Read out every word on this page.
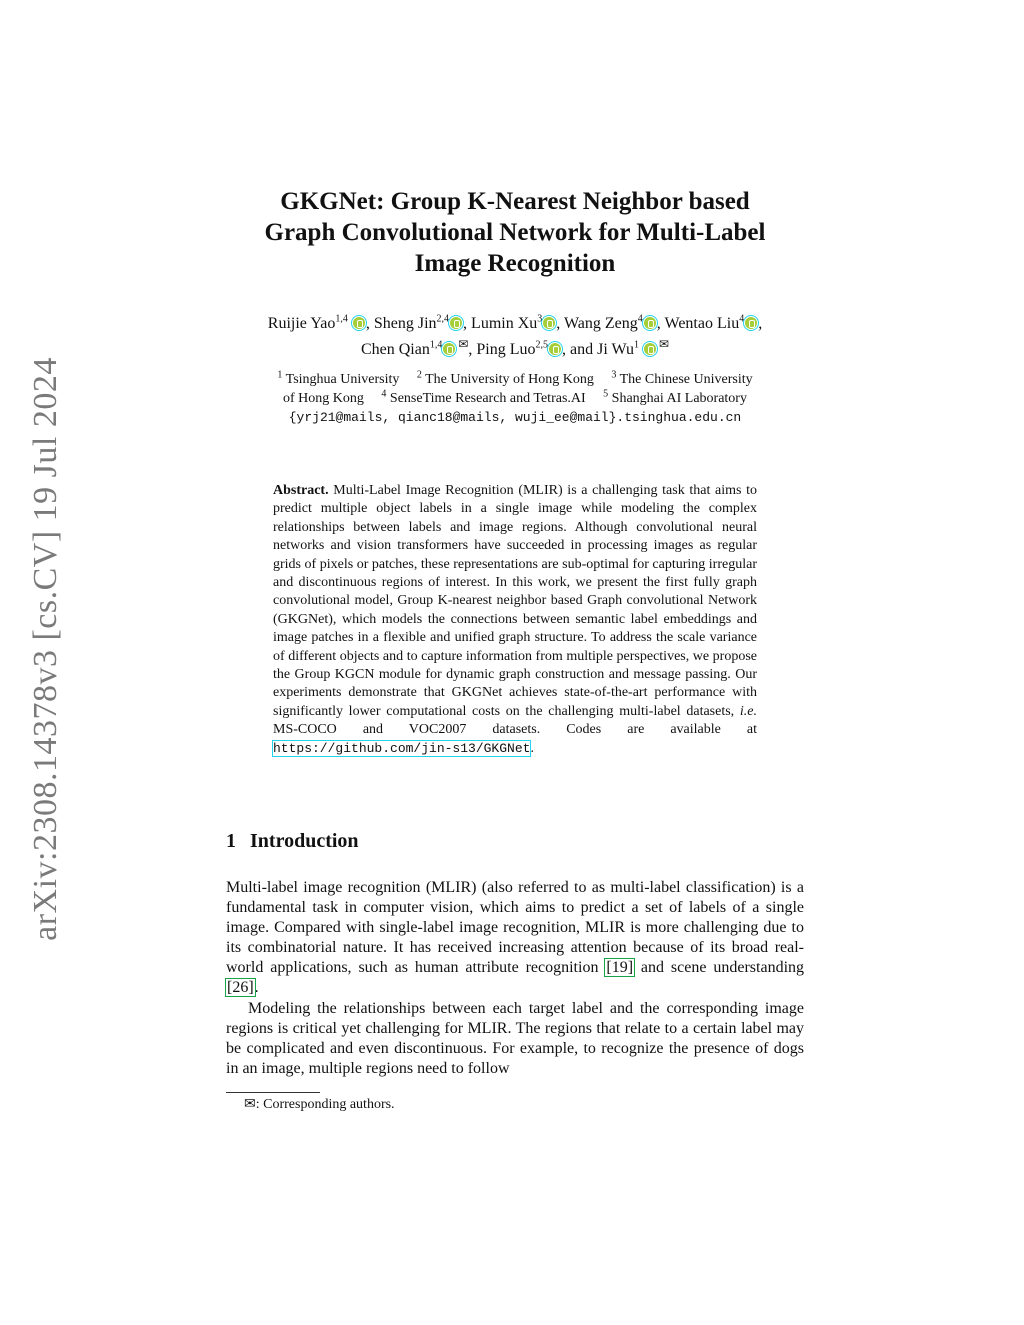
arXiv:2308.14378v3 [cs.CV] 19 Jul 2024
GKGNet: Group K-Nearest Neighbor based
Graph Convolutional Network for Multi-Label
Image Recognition
Ruijie Yao$^{1,4}$ , Sheng Jin$^{2,4}$ , Lumin Xu$^3$ , Wang Zeng$^4$ , Wentao Liu$^4$ ,
Chen Qian$^{1,4}$ ✉, Ping Luo$^{2,5}$ , and Ji Wu$^1$ ✉
$^1$ Tsinghua University $^2$ The University of Hong Kong $^3$ The Chinese University
of Hong Kong $^4$ SenseTime Research and Tetras.AI $^5$ Shanghai AI Laboratory
{yrj21@mails, qianc18@mails, wuji_ee@mail}.tsinghua.edu.cn

Abstract. Multi-Label Image Recognition (MLIR) is a challenging task that aims to predict multiple object labels in a single image while modeling the complex relationships between labels and image regions. Although convolutional neural networks and vision transformers have succeeded in processing images as regular grids of pixels or patches, these representations are sub-optimal for capturing irregular and discontinuous regions of interest. In this work, we present the first fully graph convolutional model, Group K-nearest neighbor based Graph convolutional Network (GKGNet), which models the connections between semantic label embeddings and image patches in a flexible and unified graph structure. To address the scale variance of different objects and to capture information from multiple perspectives, we propose the Group KGCN module for dynamic graph construction and message passing. Our experiments demonstrate that GKGNet achieves state-of-the-art performance with significantly lower computational costs on the challenging multi-label datasets, i.e. MS-COCO and VOC2007 datasets. Codes are available at https://github.com/jin-s13/GKGNet.

1 Introduction

Multi-label image recognition (MLIR) (also referred to as multi-label classification) is a fundamental task in computer vision, which aims to predict a set of labels of a single image. Compared with single-label image recognition, MLIR is more challenging due to its combinatorial nature. It has received increasing attention because of its broad real-world applications, such as human attribute recognition [19] and scene understanding [26].

Modeling the relationships between each target label and the corresponding image regions is critical yet challenging for MLIR. The regions that relate to a certain label may be complicated and even discontinuous. For example, to recognize the presence of dogs in an image, multiple regions need to follow

✉: Corresponding authors.
